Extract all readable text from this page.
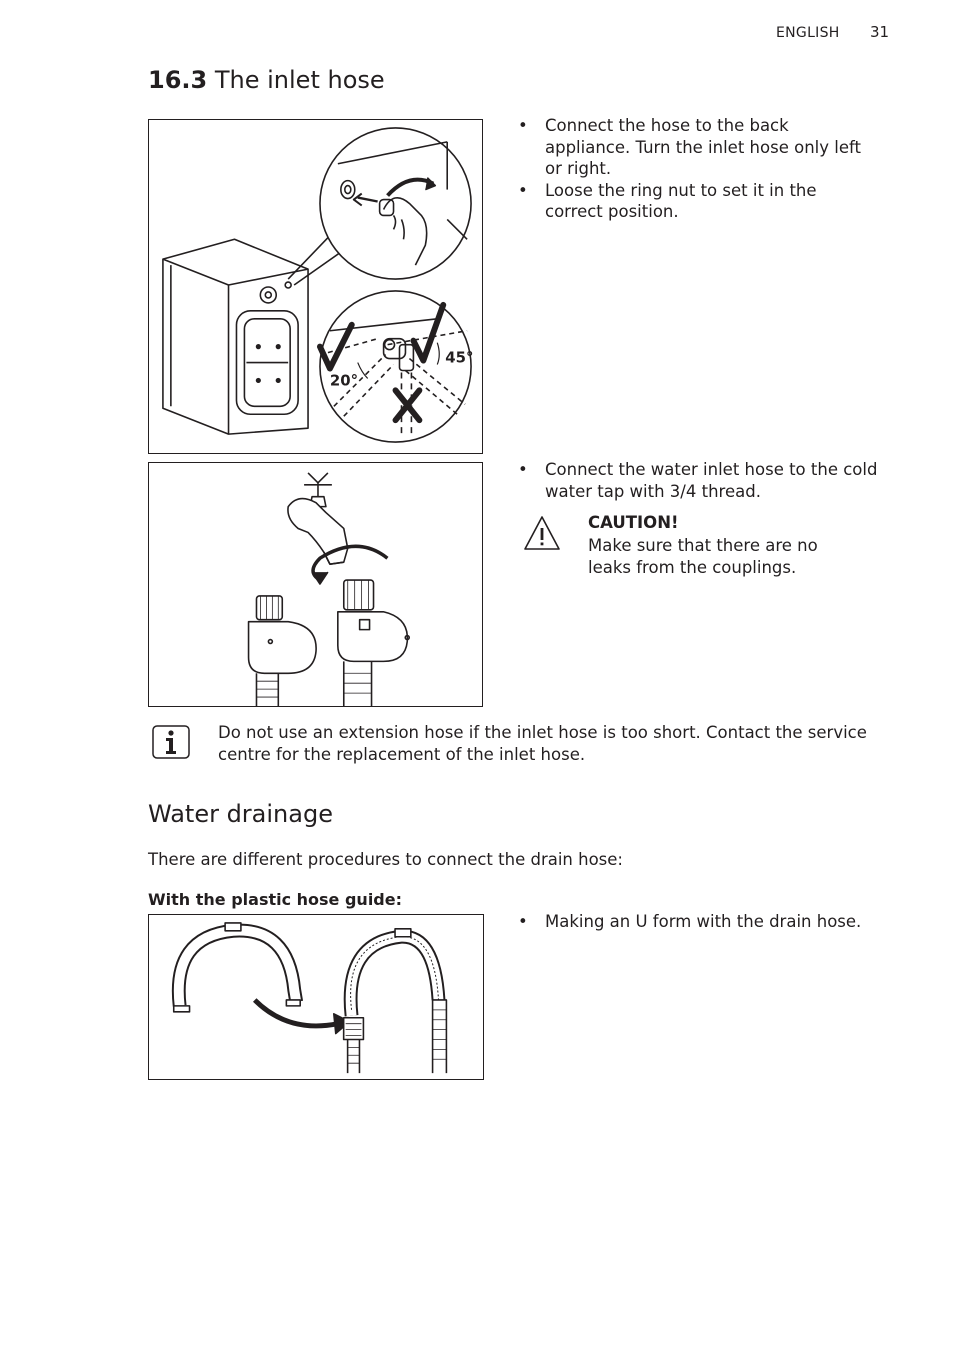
ENGLISH 31
16.3 The inlet hose
20°
45°
• Connect the hose to the back appliance. Turn the inlet hose only left or right.
• Loose the ring nut to set it in the correct position.
• Connect the water inlet hose to the cold water tap with 3/4 thread.
CAUTION!
Make sure that there are no leaks from the couplings.
Do not use an extension hose if the inlet hose is too short. Contact the service centre for the replacement of the inlet hose.
Water drainage
There are different procedures to connect the drain hose:
With the plastic hose guide:
• Making an U form with the drain hose.
